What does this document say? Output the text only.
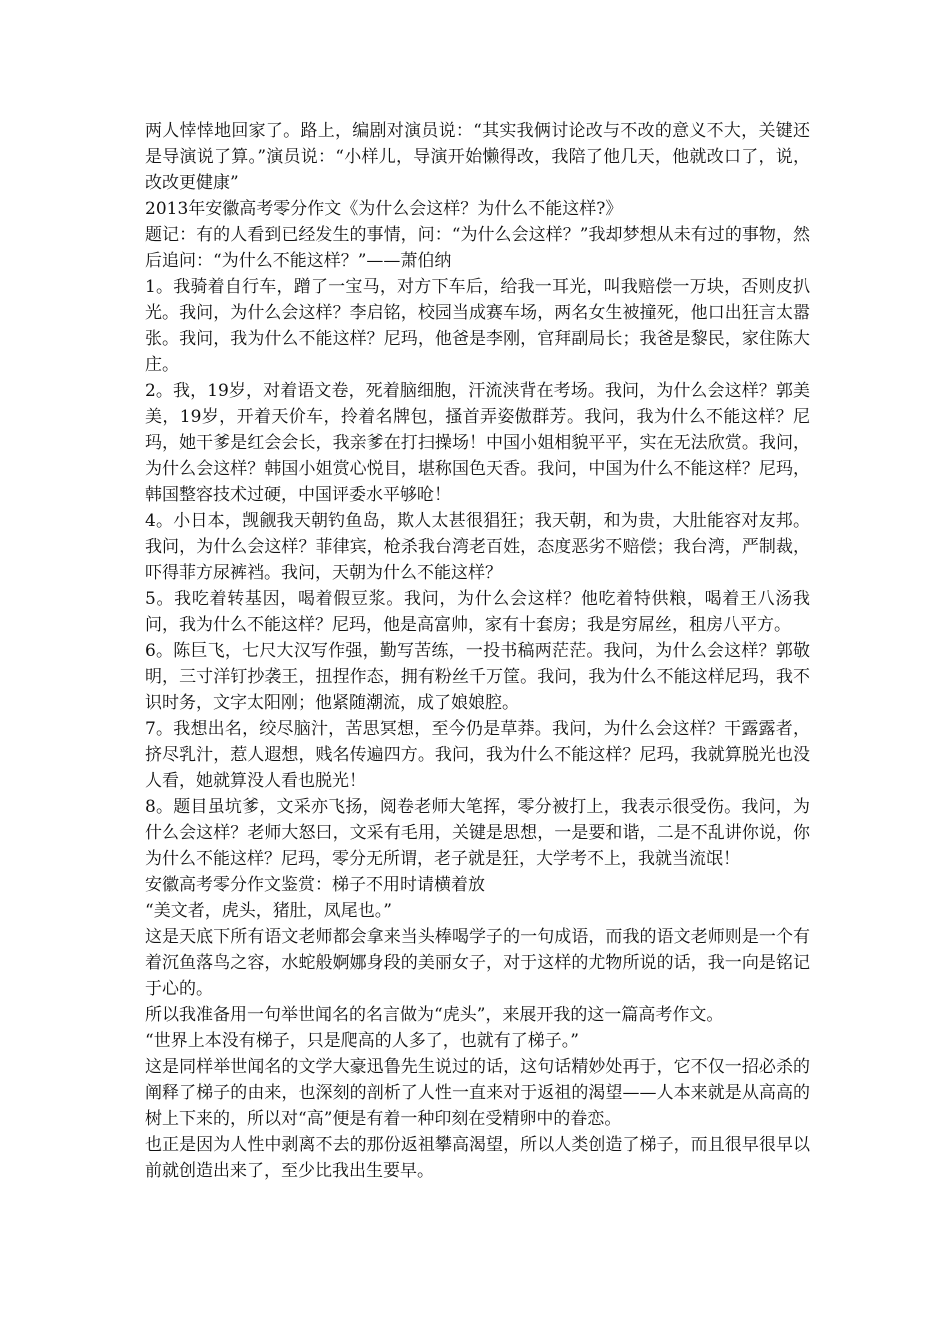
两人悻悻地回家了。路上，编剧对演员说：“其实我俩讨论改与不改的意义不大，关键还是导演说了算。”演员说：“小样儿，导演开始懒得改，我陪了他几天，他就改口了，说，改改更健康”

2013年安徽高考零分作文《为什么会这样？为什么不能这样?》

题记：有的人看到已经发生的事情，问：“为什么会这样？”我却梦想从未有过的事物，然后追问：“为什么不能这样？”——萧伯纳

1。我骑着自行车，蹭了一宝马，对方下车后，给我一耳光，叫我赔偿一万块，否则皮扒光。我问，为什么会这样？李启铭，校园当成赛车场，两名女生被撞死，他口出狂言太嚣张。我问，我为什么不能这样？尼玛，他爸是李刚，官拜副局长；我爸是黎民，家住陈大庄。

2。我，19岁，对着语文卷，死着脑细胞，汗流浃背在考场。我问，为什么会这样？郭美美，19岁，开着天价车，拎着名牌包，搔首弄姿傲群芳。我问，我为什么不能这样？尼玛，她干爹是红会会长，我亲爹在打扫操场！中国小姐相貌平平，实在无法欣赏。我问，为什么会这样？韩国小姐赏心悦目，堪称国色天香。我问，中国为什么不能这样？尼玛，韩国整容技术过硬，中国评委水平够呛！

4。小日本，觊觎我天朝钓鱼岛，欺人太甚很猖狂；我天朝，和为贵，大肚能容对友邦。我问，为什么会这样？菲律宾，枪杀我台湾老百姓，态度恶劣不赔偿；我台湾，严制裁，吓得菲方尿裤裆。我问，天朝为什么不能这样？

5。我吃着转基因，喝着假豆浆。我问，为什么会这样？他吃着特供粮，喝着王八汤我问，我为什么不能这样？尼玛，他是高富帅，家有十套房；我是穷屌丝，租房八平方。

6。陈巨飞，七尺大汉写作强，勤写苦练，一投书稿两茫茫。我问，为什么会这样？郭敬明，三寸洋钉抄袭王，扭捏作态，拥有粉丝千万筐。我问，我为什么不能这样尼玛，我不识时务，文字太阳刚；他紧随潮流，成了娘娘腔。

7。我想出名，绞尽脑汁，苦思冥想，至今仍是草莽。我问，为什么会这样？干露露者，挤尽乳汁，惹人遐想，贱名传遍四方。我问，我为什么不能这样？尼玛，我就算脱光也没人看，她就算没人看也脱光！

8。题目虽坑爹，文采亦飞扬，阅卷老师大笔挥，零分被打上，我表示很受伤。我问，为什么会这样？老师大怒曰，文采有毛用，关键是思想，一是要和谐，二是不乱讲你说，你为什么不能这样？尼玛，零分无所谓，老子就是狂，大学考不上，我就当流氓！

安徽高考零分作文鉴赏：梯子不用时请横着放

“美文者，虎头，猪肚，凤尾也。”

这是天底下所有语文老师都会拿来当头棒喝学子的一句成语，而我的语文老师则是一个有着沉鱼落鸟之容，水蛇般婀娜身段的美丽女子，对于这样的尤物所说的话，我一向是铭记于心的。

所以我准备用一句举世闻名的名言做为“虎头”，来展开我的这一篇高考作文。

“世界上本没有梯子，只是爬高的人多了，也就有了梯子。”

这是同样举世闻名的文学大豪迅鲁先生说过的话，这句话精妙处再于，它不仅一招必杀的阐释了梯子的由来，也深刻的剖析了人性一直来对于返祖的渴望——人本来就是从高高的树上下来的，所以对“高”便是有着一种印刻在受精卵中的眷恋。

也正是因为人性中剥离不去的那份返祖攀高渴望，所以人类创造了梯子，而且很早很早以前就创造出来了，至少比我出生要早。
